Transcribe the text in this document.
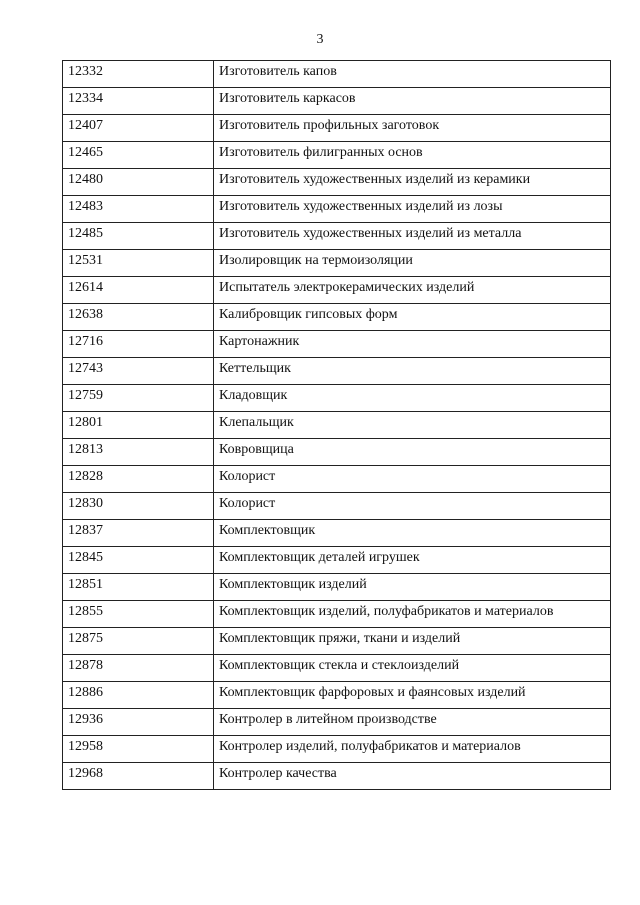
3
12332	Изготовитель капов
12334	Изготовитель каркасов
12407	Изготовитель профильных заготовок
12465	Изготовитель филигранных основ
12480	Изготовитель художественных изделий из керамики
12483	Изготовитель художественных изделий из лозы
12485	Изготовитель художественных изделий из металла
12531	Изолировщик на термоизоляции
12614	Испытатель электрокерамических изделий
12638	Калибровщик гипсовых форм
12716	Картонажник
12743	Кеттельщик
12759	Кладовщик
12801	Клепальщик
12813	Ковровщица
12828	Колорист
12830	Колорист
12837	Комплектовщик
12845	Комплектовщик деталей игрушек
12851	Комплектовщик изделий
12855	Комплектовщик изделий, полуфабрикатов и материалов
12875	Комплектовщик пряжи, ткани и изделий
12878	Комплектовщик стекла и стеклоизделий
12886	Комплектовщик фарфоровых и фаянсовых изделий
12936	Контролер в литейном производстве
12958	Контролер изделий, полуфабрикатов и материалов
12968	Контролер качества
